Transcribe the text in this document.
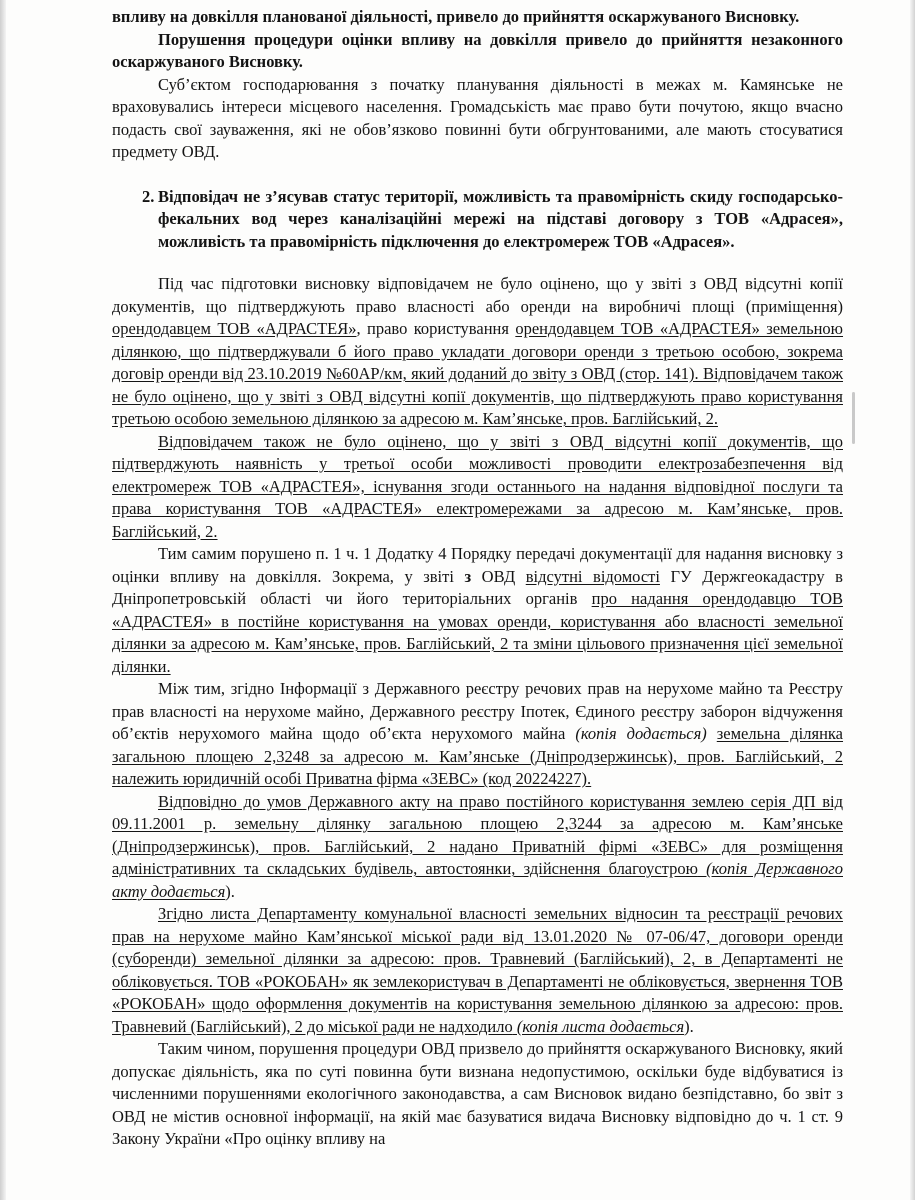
впливу на довкілля планованої діяльності, привело до прийняття оскаржуваного Висновку.

Порушення процедури оцінки впливу на довкілля привело до прийняття незаконного оскаржуваного Висновку.

Суб’єктом господарювання з початку планування діяльності в межах м. Камянське не враховувались інтереси місцевого населення. Громадськість має право бути почутою, якщо вчасно подасть свої зауваження, які не обов’язково повинні бути обгрунтованими, але мають стосуватися предмету ОВД.

2. Відповідач не з’ясував статус території, можливість та правомірність скиду господарсько-фекальних вод через каналізаційні мережі на підставі договору з ТОВ «Адрасея», можливість та правомірність підключення до електромереж ТОВ «Адрасея».

Під час підготовки висновку відповідачем не було оцінено, що у звіті з ОВД відсутні копії документів, що підтверджують право власності або оренди на виробничі площі (приміщення) орендодавцем ТОВ «АДРАСТЕЯ», право користування орендодавцем ТОВ «АДРАСТЕЯ» земельною ділянкою, що підтверджували б його право укладати договори оренди з третьою особою, зокрема договір оренди від 23.10.2019 №60АР/км, який доданий до звіту з ОВД (стор. 141). Відповідачем також не було оцінено, що у звіті з ОВД відсутні копії документів, що підтверджують право користування третьою особою земельною ділянкою за адресою м. Кам’янське, пров. Баглійський, 2.

Відповідачем також не було оцінено, що у звіті з ОВД відсутні копії документів, що підтверджують наявність у третьої особи можливості проводити електрозабезпечення від електромереж ТОВ «АДРАСТЕЯ», існування згоди останнього на надання відповідної послуги та права користування ТОВ «АДРАСТЕЯ» електромережами за адресою м. Кам’янське, пров. Баглійський, 2.

Тим самим порушено п. 1 ч. 1 Додатку 4 Порядку передачі документації для надання висновку з оцінки впливу на довкілля. Зокрема, у звіті з ОВД відсутні відомості ГУ Держгеокадастру в Дніпропетровській області чи його територіальних органів про надання орендодавцю ТОВ «АДРАСТЕЯ» в постійне користування на умовах оренди, користування або власності земельної ділянки за адресою м. Кам’янське, пров. Баглійський, 2 та зміни цільового призначення цієї земельної ділянки.

Між тим, згідно Інформації з Державного реєстру речових прав на нерухоме майно та Реєстру прав власності на нерухоме майно, Державного реєстру Іпотек, Єдиного реєстру заборон відчуження об’єктів нерухомого майна щодо об’єкта нерухомого майна (копія додається) земельна ділянка загальною площею 2,3248 за адресою м. Кам’янське (Дніпродзержинськ), пров. Баглійський, 2 належить юридичній особі Приватна фірма «ЗЕВС» (код 20224227).

Відповідно до умов Державного акту на право постійного користування землею серія ДП від 09.11.2001 р. земельну ділянку загальною площею 2,3244 за адресою м. Кам’янське (Дніпродзержинськ), пров. Баглійський, 2 надано Приватній фірмі «ЗЕВС» для розміщення адміністративних та складських будівель, автостоянки, здійснення благоустрою (копія Державного акту додається).

Згідно листа Департаменту комунальної власності земельних відносин та реєстрації речових прав на нерухоме майно Кам’янської міської ради від 13.01.2020 № 07-06/47, договори оренди (суборенди) земельної ділянки за адресою: пров. Травневий (Баглійський), 2, в Департаменті не обліковується. ТОВ «РОКОБАН» як землекористувач в Департаменті не обліковується, звернення ТОВ «РОКОБАН» щодо оформлення документів на користування земельною ділянкою за адресою: пров. Травневий (Баглійський), 2 до міської ради не надходило (копія листа додається).

Таким чином, порушення процедури ОВД призвело до прийняття оскаржуваного Висновку, який допускає діяльність, яка по суті повинна бути визнана недопустимою, оскільки буде відбуватися із численними порушеннями екологічного законодавства, а сам Висновок видано безпідставно, бо звіт з ОВД не містив основної інформації, на якій має базуватися видача Висновку відповідно до ч. 1 ст. 9 Закону України «Про оцінку впливу на
